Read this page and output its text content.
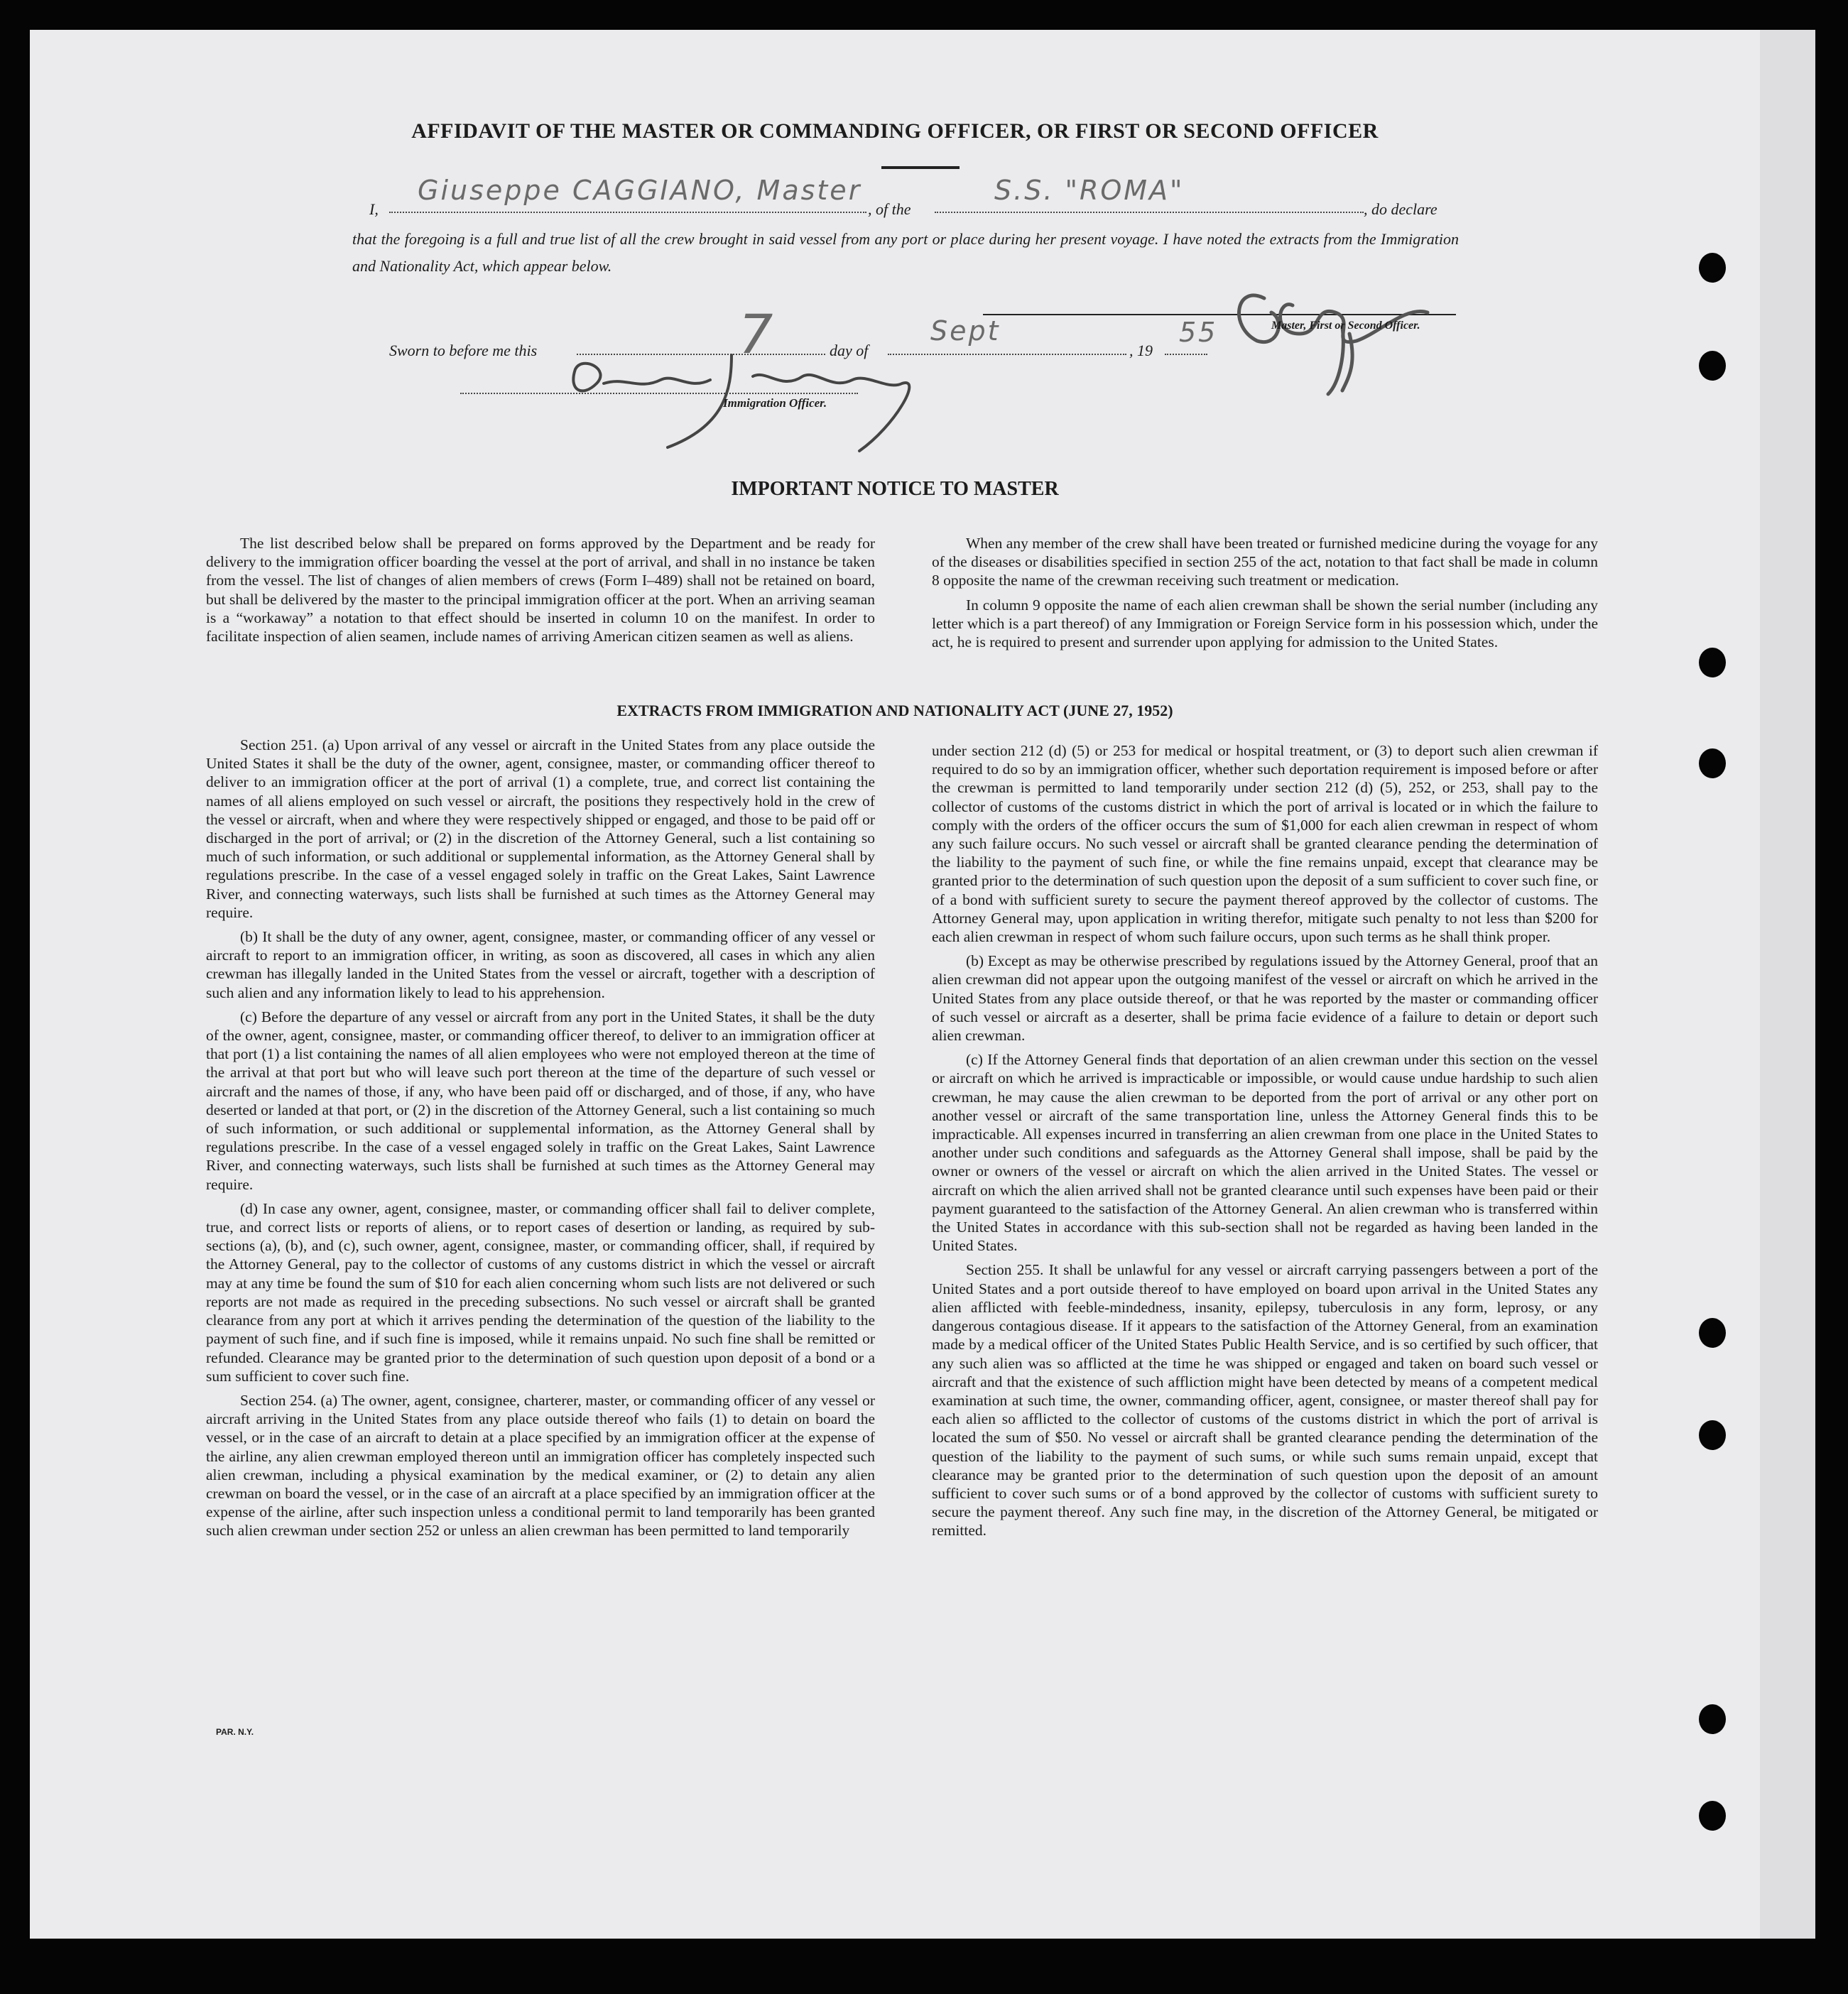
AFFIDAVIT OF THE MASTER OR COMMANDING OFFICER, OR FIRST OR SECOND OFFICER
I,
Giuseppe CAGGIANO, Master
, of the
S.S. "ROMA"
, do declare
that the foregoing is a full and true list of all the crew brought in said vessel from any port or place during her present voyage. I have noted the extracts from the Immigration and Nationality Act, which appear below.
Sworn to before me this	7	day of
Sept
, 19
55	Master, First or Second Officer.
Immigration Officer.
IMPORTANT NOTICE TO MASTER

The list described below shall be prepared on forms approved by the Department and be ready for delivery to the immigration officer boarding the vessel at the port of arrival, and shall in no instance be taken from the vessel. The list of changes of alien members of crews (Form I–489) shall not be retained on board, but shall be delivered by the master to the principal immigration officer at the port. When an arriving seaman is a “workaway” a notation to that effect should be inserted in column 10 on the manifest. In order to facilitate inspection of alien seamen, include names of arriving American citizen seamen as well as aliens.

When any member of the crew shall have been treated or furnished medicine during the voyage for any of the diseases or disabilities specified in section 255 of the act, notation to that fact shall be made in column 8 opposite the name of the crewman receiving such treatment or medication.

In column 9 opposite the name of each alien crewman shall be shown the serial number (including any letter which is a part thereof) of any Immigration or Foreign Service form in his possession which, under the act, he is required to present and surrender upon applying for admission to the United States.

EXTRACTS FROM IMMIGRATION AND NATIONALITY ACT (JUNE 27, 1952)

Section 251. (a) Upon arrival of any vessel or aircraft in the United States from any place outside the United States it shall be the duty of the owner, agent, consignee, master, or commanding officer thereof to deliver to an immigration officer at the port of arrival (1) a complete, true, and correct list containing the names of all aliens employed on such vessel or aircraft, the positions they respectively hold in the crew of the vessel or aircraft, when and where they were respectively shipped or engaged, and those to be paid off or discharged in the port of arrival; or (2) in the discretion of the Attorney General, such a list containing so much of such information, or such additional or supplemental information, as the Attorney General shall by regulations prescribe. In the case of a vessel engaged solely in traffic on the Great Lakes, Saint Lawrence River, and connecting waterways, such lists shall be furnished at such times as the Attorney General may require.

(b) It shall be the duty of any owner, agent, consignee, master, or commanding officer of any vessel or aircraft to report to an immigration officer, in writing, as soon as discovered, all cases in which any alien crewman has illegally landed in the United States from the vessel or aircraft, together with a description of such alien and any information likely to lead to his apprehension.

(c) Before the departure of any vessel or aircraft from any port in the United States, it shall be the duty of the owner, agent, consignee, master, or commanding officer thereof, to deliver to an immigration officer at that port (1) a list containing the names of all alien employees who were not employed thereon at the time of the arrival at that port but who will leave such port thereon at the time of the departure of such vessel or aircraft and the names of those, if any, who have been paid off or discharged, and of those, if any, who have deserted or landed at that port, or (2) in the discretion of the Attorney General, such a list containing so much of such information, or such additional or supplemental information, as the Attorney General shall by regulations prescribe. In the case of a vessel engaged solely in traffic on the Great Lakes, Saint Lawrence River, and connecting waterways, such lists shall be furnished at such times as the Attorney General may require.

(d) In case any owner, agent, consignee, master, or commanding officer shall fail to deliver complete, true, and correct lists or reports of aliens, or to report cases of desertion or landing, as required by sub-sections (a), (b), and (c), such owner, agent, consignee, master, or commanding officer, shall, if required by the Attorney General, pay to the collector of customs of any customs district in which the vessel or aircraft may at any time be found the sum of $10 for each alien concerning whom such lists are not delivered or such reports are not made as required in the preceding subsections. No such vessel or aircraft shall be granted clearance from any port at which it arrives pending the determination of the question of the liability to the payment of such fine, and if such fine is imposed, while it remains unpaid. No such fine shall be remitted or refunded. Clearance may be granted prior to the determination of such question upon deposit of a bond or a sum sufficient to cover such fine.

Section 254. (a) The owner, agent, consignee, charterer, master, or commanding officer of any vessel or aircraft arriving in the United States from any place outside thereof who fails (1) to detain on board the vessel, or in the case of an aircraft to detain at a place specified by an immigration officer at the expense of the airline, any alien crewman employed thereon until an immigration officer has completely inspected such alien crewman, including a physical examination by the medical examiner, or (2) to detain any alien crewman on board the vessel, or in the case of an aircraft at a place specified by an immigration officer at the expense of the airline, after such inspection unless a conditional permit to land temporarily has been granted such alien crewman under section 252 or unless an alien crewman has been permitted to land temporarily

under section 212 (d) (5) or 253 for medical or hospital treatment, or (3) to deport such alien crewman if required to do so by an immigration officer, whether such deportation requirement is imposed before or after the crewman is permitted to land temporarily under section 212 (d) (5), 252, or 253, shall pay to the collector of customs of the customs district in which the port of arrival is located or in which the failure to comply with the orders of the officer occurs the sum of $1,000 for each alien crewman in respect of whom any such failure occurs. No such vessel or aircraft shall be granted clearance pending the determination of the liability to the payment of such fine, or while the fine remains unpaid, except that clearance may be granted prior to the determination of such question upon the deposit of a sum sufficient to cover such fine, or of a bond with sufficient surety to secure the payment thereof approved by the collector of customs. The Attorney General may, upon application in writing therefor, mitigate such penalty to not less than $200 for each alien crewman in respect of whom such failure occurs, upon such terms as he shall think proper.

(b) Except as may be otherwise prescribed by regulations issued by the Attorney General, proof that an alien crewman did not appear upon the outgoing manifest of the vessel or aircraft on which he arrived in the United States from any place outside thereof, or that he was reported by the master or commanding officer of such vessel or aircraft as a deserter, shall be prima facie evidence of a failure to detain or deport such alien crewman.

(c) If the Attorney General finds that deportation of an alien crewman under this section on the vessel or aircraft on which he arrived is impracticable or impossible, or would cause undue hardship to such alien crewman, he may cause the alien crewman to be deported from the port of arrival or any other port on another vessel or aircraft of the same transportation line, unless the Attorney General finds this to be impracticable. All expenses incurred in transferring an alien crewman from one place in the United States to another under such conditions and safeguards as the Attorney General shall impose, shall be paid by the owner or owners of the vessel or aircraft on which the alien arrived in the United States. The vessel or aircraft on which the alien arrived shall not be granted clearance until such expenses have been paid or their payment guaranteed to the satisfaction of the Attorney General. An alien crewman who is transferred within the United States in accordance with this sub-section shall not be regarded as having been landed in the United States.

Section 255. It shall be unlawful for any vessel or aircraft carrying passengers between a port of the United States and a port outside thereof to have employed on board upon arrival in the United States any alien afflicted with feeble-mindedness, insanity, epilepsy, tuberculosis in any form, leprosy, or any dangerous contagious disease. If it appears to the satisfaction of the Attorney General, from an examination made by a medical officer of the United States Public Health Service, and is so certified by such officer, that any such alien was so afflicted at the time he was shipped or engaged and taken on board such vessel or aircraft and that the existence of such affliction might have been detected by means of a competent medical examination at such time, the owner, commanding officer, agent, consignee, or master thereof shall pay for each alien so afflicted to the collector of customs of the customs district in which the port of arrival is located the sum of $50. No vessel or aircraft shall be granted clearance pending the determination of the question of the liability to the payment of such sums, or while such sums remain unpaid, except that clearance may be granted prior to the determination of such question upon the deposit of an amount sufficient to cover such sums or of a bond approved by the collector of customs with sufficient surety to secure the payment thereof. Any such fine may, in the discretion of the Attorney General, be mitigated or remitted.

PAR. N.Y.
